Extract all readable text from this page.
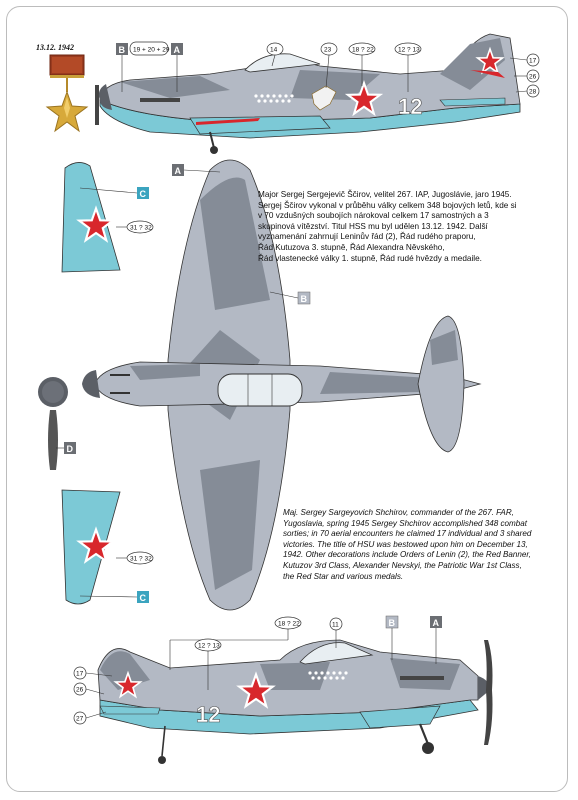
12
B	A
19 + 20 + 29	14	23	18 ? 22	12 ? 13
17
26
28
C
31 ? 32
A
B
D
31 ? 32
C
12
18 ? 22
12 ? 13
11	B	A
17
26
27
13.12. 1942
Major Sergej Sergejevič Ščirov, velitel 267. IAP, Jugoslávie, jaro 1945.
Sergej Ščirov vykonal v průběhu války celkem 348 bojových letů, kde si
v 70 vzdušných soubojích nárokoval celkem 17 samostných a 3
skupinová vítězství. Titul HSS mu byl udělen 13.12. 1942. Další
vyznamenání zahrnují Leninův řád (2), Řád rudého praporu,
Řád Kutuzova 3. stupně, Řád Alexandra Něvského,
Řád vlastenecké války 1. stupně, Řád rudé hvězdy a medaile.
Maj. Sergey Sargeyovich Shchirov, commander of the 267. FAR,
Yugoslavia, spring 1945 Sergey Shchirov accomplished 348 combat
sorties; in 70 aerial encounters he claimed 17 individual and 3 shared
victories. The title of HSU was bestowed upon him on December 13,
1942. Other decorations include Orders of Lenin (2), the Red Banner,
Kutuzov 3rd Class, Alexander Nevskyi, the Patriotic War 1st Class,
the Red Star and various medals.
